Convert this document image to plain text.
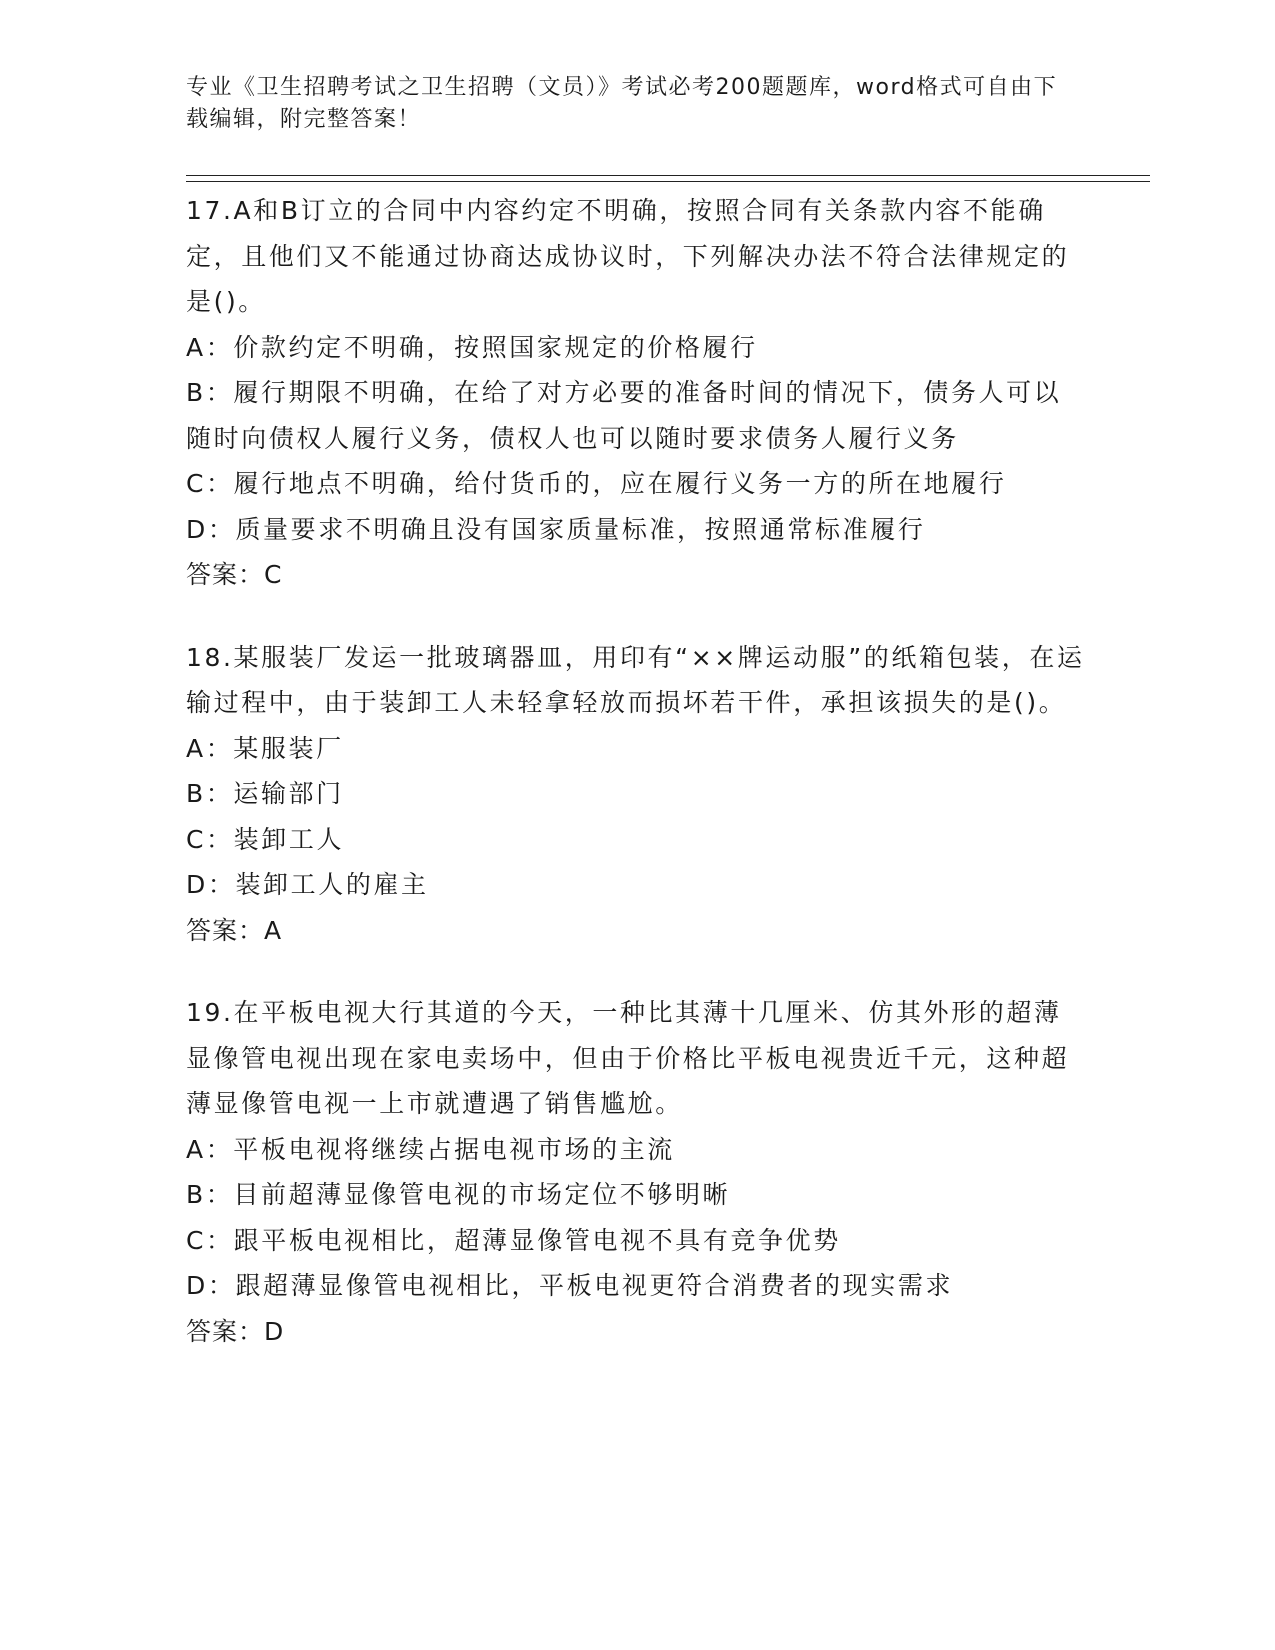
专业《卫生招聘考试之卫生招聘（文员）》考试必考200题题库，word格式可自由下载编辑，附完整答案！

17.A和B订立的合同中内容约定不明确，按照合同有关条款内容不能确定，且他们又不能通过协商达成协议时，下列解决办法不符合法律规定的是()。

A：价款约定不明确，按照国家规定的价格履行

B：履行期限不明确，在给了对方必要的准备时间的情况下，债务人可以随时向债权人履行义务，债权人也可以随时要求债务人履行义务

C：履行地点不明确，给付货币的，应在履行义务一方的所在地履行

D：质量要求不明确且没有国家质量标准，按照通常标准履行

答案：C

18.某服装厂发运一批玻璃器皿，用印有“××牌运动服”的纸箱包装，在运输过程中，由于装卸工人未轻拿轻放而损坏若干件，承担该损失的是()。

A：某服装厂

B：运输部门

C：装卸工人

D：装卸工人的雇主

答案：A

19.在平板电视大行其道的今天，一种比其薄十几厘米、仿其外形的超薄显像管电视出现在家电卖场中，但由于价格比平板电视贵近千元，这种超薄显像管电视一上市就遭遇了销售尴尬。

A：平板电视将继续占据电视市场的主流

B：目前超薄显像管电视的市场定位不够明晰

C：跟平板电视相比，超薄显像管电视不具有竞争优势

D：跟超薄显像管电视相比，平板电视更符合消费者的现实需求

答案：D
